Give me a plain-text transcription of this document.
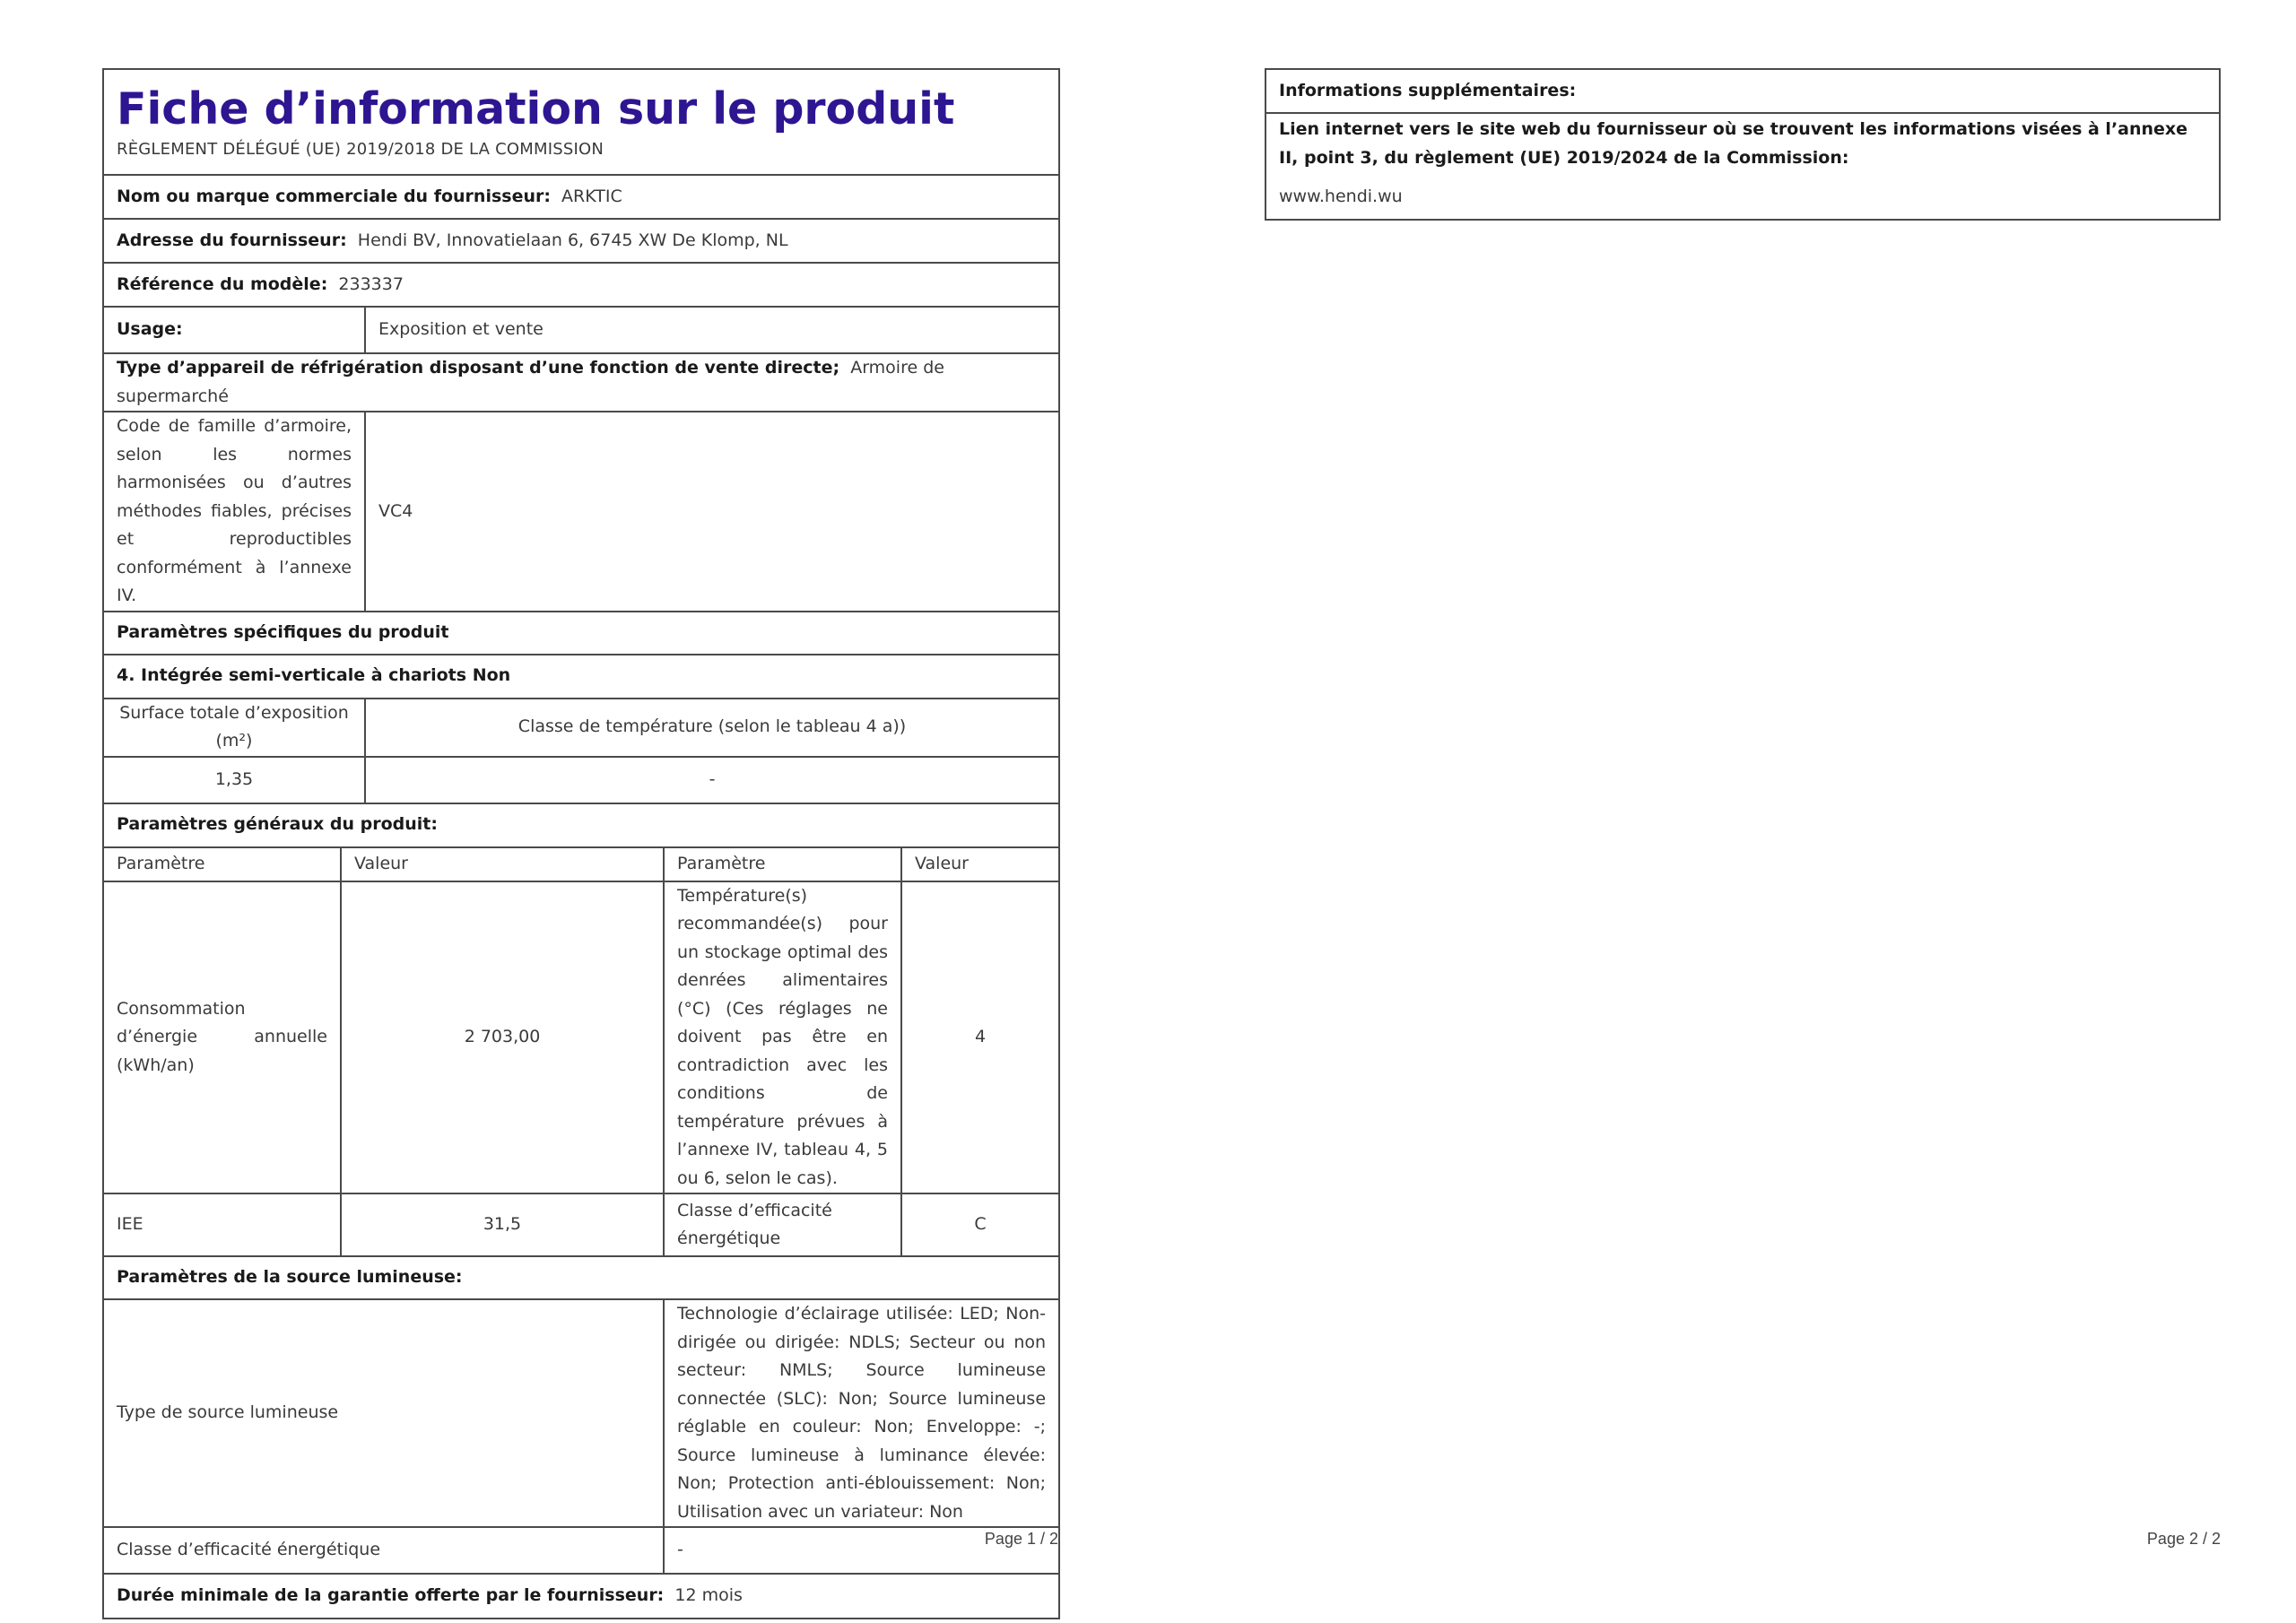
Fiche d’information sur le produit
RÈGLEMENT DÉLÉGUÉ (UE) 2019/2018 DE LA COMMISSION				

Nom ou marque commerciale du fournisseur: ARKTIC				
Adresse du fournisseur: Hendi BV, Innovatielaan 6, 6745 XW De Klomp, NL				
Référence du modèle: 233337				
Usage:		Exposition et vente		
Type d’appareil de réfrigération disposant d’une fonction de vente directe; Armoire de supermarché				
Code de famille d’armoire, selon les normes harmonisées ou d’autres méthodes fiables, précises et reproductibles conformément à l’annexe IV.		VC4		
Paramètres spécifiques du produit				
4. Intégrée semi-verticale à chariots Non				
Surface totale d’exposition (m²)		Classe de température (selon le tableau 4 a))		
1,35		-		
Paramètres généraux du produit:				
Paramètre	Valeur		Paramètre	Valeur
Consommation d’énergie annuelle (kWh/an)	2 703,00		Température(s) recommandée(s) pour un stockage optimal des denrées alimentaires (°C) (Ces réglages ne doivent pas être en contradiction avec les conditions de température prévues à l’annexe IV, tableau 4, 5 ou 6, selon le cas).	4
IEE	31,5		Classe d’efficacité énergétique	C
Paramètres de la source lumineuse:				
Type de source lumineuse			Technologie d’éclairage utilisée: LED; Non-dirigée ou dirigée: NDLS; Secteur ou non secteur: NMLS; Source lumineuse connectée (SLC): Non; Source lumineuse réglable en couleur: Non; Enveloppe: -; Source lumineuse à luminance élevée: Non; Protection anti-éblouissement: Non; Utilisation avec un variateur: Non	
Classe d’efficacité énergétique			-	
Durée minimale de la garantie offerte par le fournisseur: 12 mois				
Page 1 / 2
Informations supplémentaires:

Lien internet vers le site web du fournisseur où se trouvent les informations visées à l’annexe II, point 3, du règlement (UE) 2019/2024 de la Commission:

www.hendi.wu

Page 2 / 2
